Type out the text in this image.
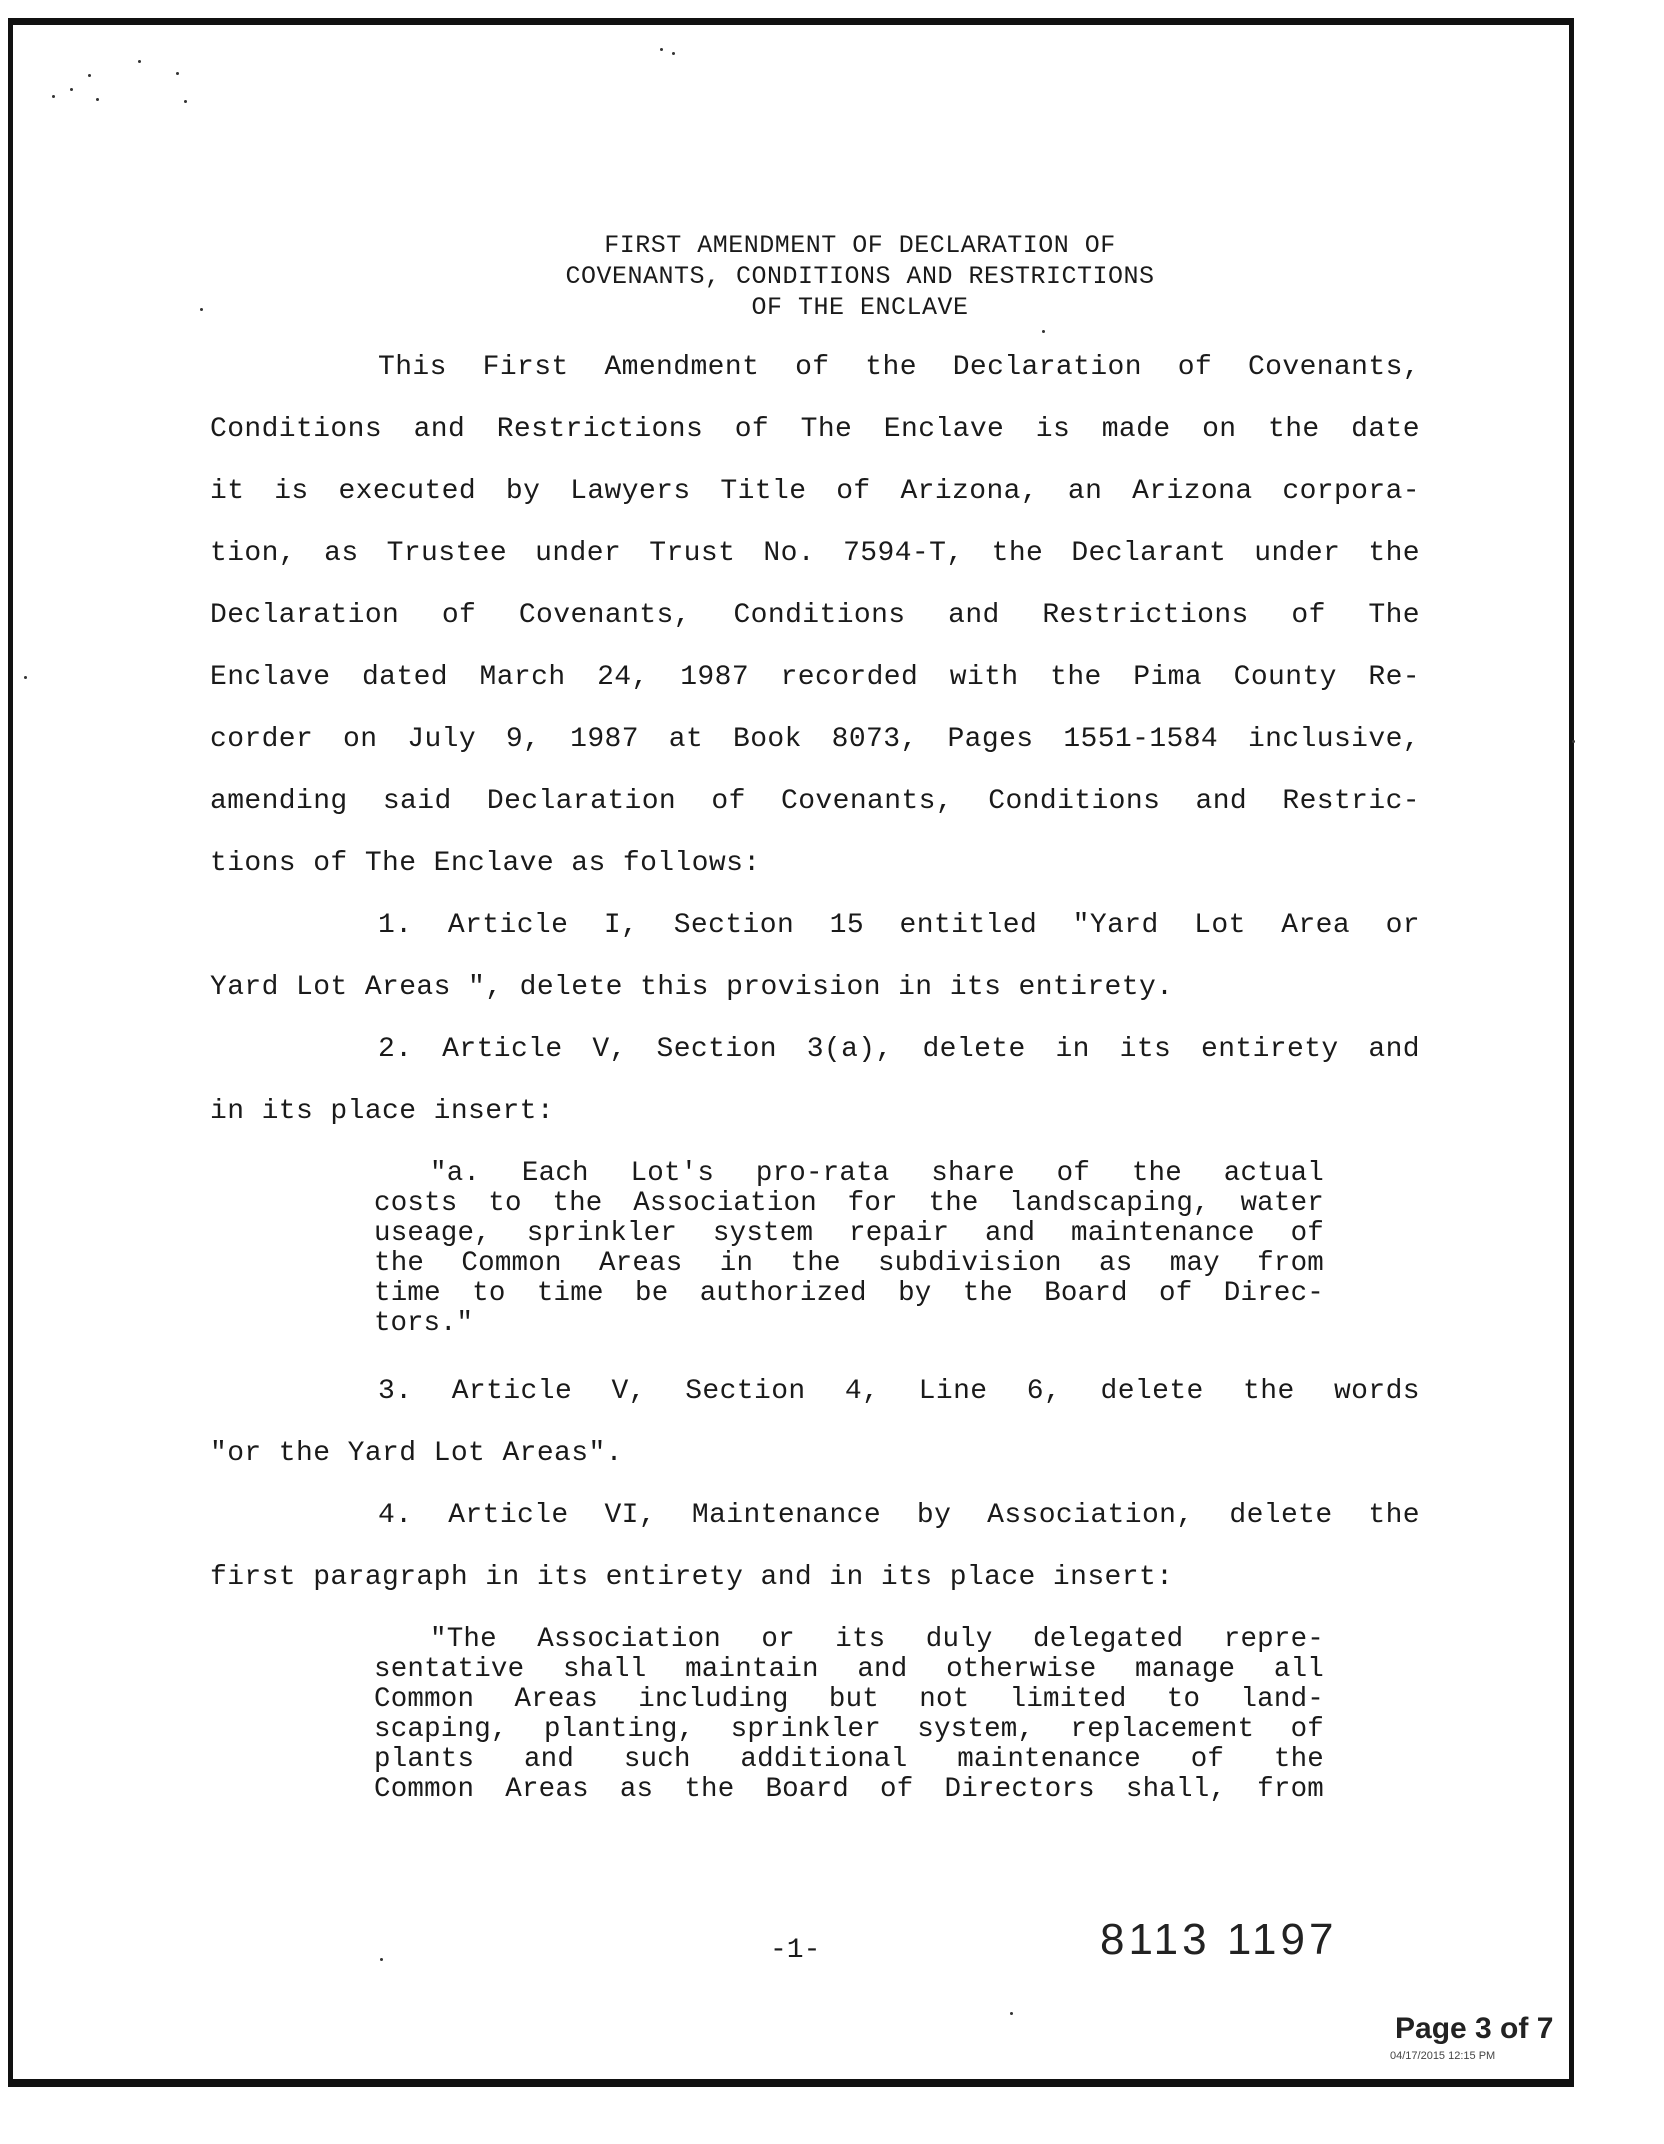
FIRST AMENDMENT OF DECLARATION OF
COVENANTS, CONDITIONS AND RESTRICTIONS
OF THE ENCLAVE
This First Amendment of the Declaration of Covenants,
Conditions and Restrictions of The Enclave is made on the date
it is executed by Lawyers Title of Arizona, an Arizona corpora-
tion, as Trustee under Trust No. 7594-T, the Declarant under the
Declaration of Covenants, Conditions and Restrictions of The
Enclave dated March 24, 1987 recorded with the Pima County Re-
corder on July 9, 1987 at Book 8073, Pages 1551-1584 inclusive,
amending said Declaration of Covenants, Conditions and Restric-
tions of The Enclave as follows:
1. Article I, Section 15 entitled "Yard Lot Area or
Yard Lot Areas ", delete this provision in its entirety.
2. Article V, Section 3(a), delete in its entirety and
in its place insert:
"a. Each Lot's pro-rata share of the actual
costs to the Association for the landscaping, water
useage, sprinkler system repair and maintenance of
the Common Areas in the subdivision as may from
time to time be authorized by the Board of Direc-
tors."
3. Article V, Section 4, Line 6, delete the words
"or the Yard Lot Areas".
4. Article VI, Maintenance by Association, delete the
first paragraph in its entirety and in its place insert:
"The Association or its duly delegated repre-
sentative shall maintain and otherwise manage all
Common Areas including but not limited to land-
scaping, planting, sprinkler system, replacement of
plants and such additional maintenance of the
Common Areas as the Board of Directors shall, from
-1-	8113 1197
Page 3 of 7
04/17/2015 12:15 PM
